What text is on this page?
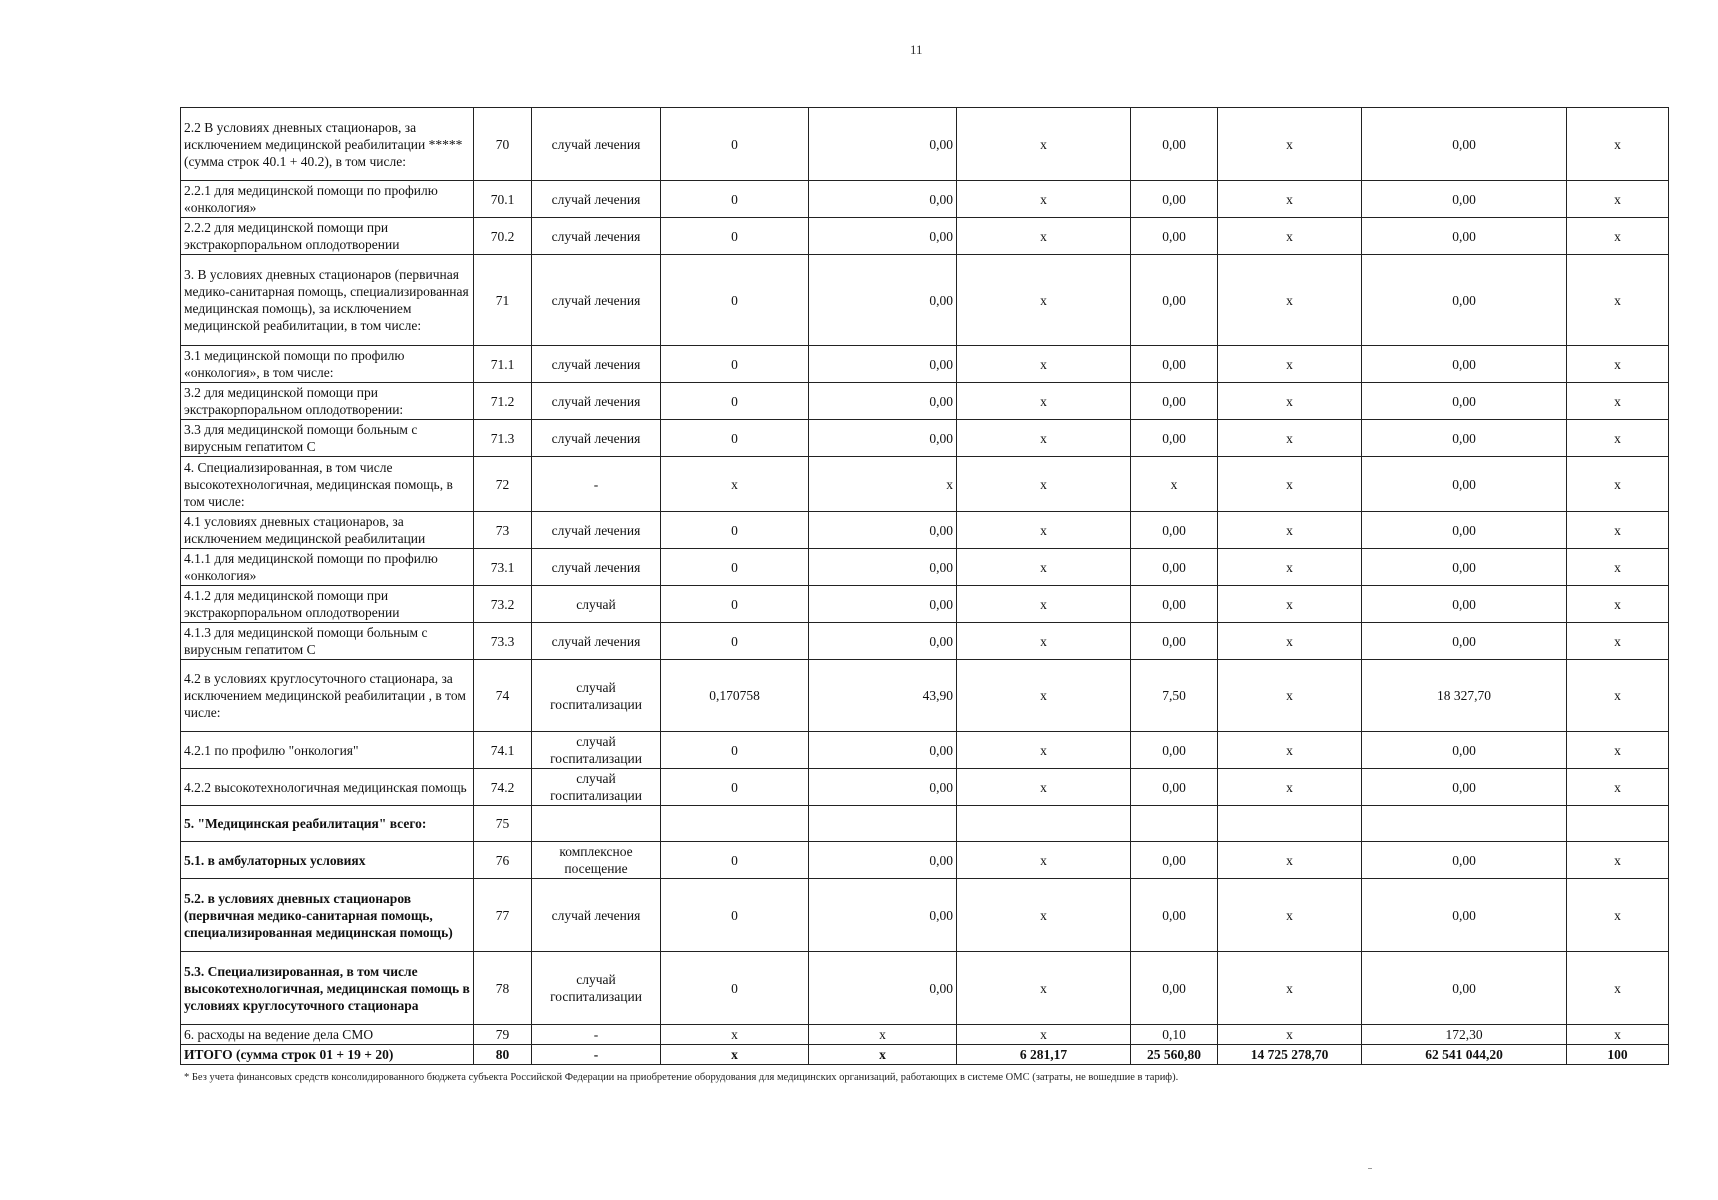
11
2.2 В условиях дневных стационаров, за исключением медицинской реабилитации ***** (сумма строк 40.1 + 40.2), в том числе:	70	случай лечения	0	0,00	x	0,00	x	0,00	x
2.2.1 для медицинской помощи по профилю «онкология»	70.1	случай лечения	0	0,00	x	0,00	x	0,00	x
2.2.2 для медицинской помощи при экстракорпоральном оплодотворении	70.2	случай лечения	0	0,00	x	0,00	x	0,00	x
3. В условиях дневных стационаров (первичная медико-санитарная помощь, специализированная медицинская помощь), за исключением медицинской реабилитации, в том числе:	71	случай лечения	0	0,00	x	0,00	x	0,00	x
3.1 медицинской помощи по профилю «онкология», в том числе:	71.1	случай лечения	0	0,00	x	0,00	x	0,00	x
3.2 для медицинской помощи при экстракорпоральном оплодотворении:	71.2	случай лечения	0	0,00	x	0,00	x	0,00	x
3.3 для медицинской помощи больным с вирусным гепатитом С	71.3	случай лечения	0	0,00	x	0,00	x	0,00	x
4. Специализированная, в том числе высокотехнологичная, медицинская помощь, в том числе:	72	-	x	x	x	x	x	0,00	x
4.1 условиях дневных стационаров, за исключением медицинской реабилитации	73	случай лечения	0	0,00	x	0,00	x	0,00	x
4.1.1 для медицинской помощи по профилю «онкология»	73.1	случай лечения	0	0,00	x	0,00	x	0,00	x
4.1.2 для медицинской помощи при экстракорпоральном оплодотворении	73.2	случай	0	0,00	x	0,00	x	0,00	x
4.1.3 для медицинской помощи больным с вирусным гепатитом С	73.3	случай лечения	0	0,00	x	0,00	x	0,00	x
4.2 в условиях круглосуточного стационара, за исключением медицинской реабилитации , в том числе:	74	случай госпитализации	0,170758	43,90	x	7,50	x	18 327,70	x
4.2.1 по профилю "онкология"	74.1	случай госпитализации	0	0,00	x	0,00	x	0,00	x
4.2.2 высокотехнологичная медицинская помощь	74.2	случай госпитализации	0	0,00	x	0,00	x	0,00	x
5. "Медицинская реабилитация" всего:	75								
5.1. в амбулаторных условиях	76	комплексное посещение	0	0,00	x	0,00	x	0,00	x
5.2. в условиях дневных стационаров (первичная медико-санитарная помощь, специализированная медицинская помощь)	77	случай лечения	0	0,00	x	0,00	x	0,00	x
5.3. Специализированная, в том числе высокотехнологичная, медицинская помощь в условиях круглосуточного стационара	78	случай госпитализации	0	0,00	x	0,00	x	0,00	x
6. расходы на ведение дела СМО	79	-	x	x	x	0,10	x	172,30	x
ИТОГО (сумма строк 01 + 19 + 20)	80	-	x	x	6 281,17	25 560,80	14 725 278,70	62 541 044,20	100
* Без учета финансовых средств консолидированного бюджета субъекта Российской Федерации на приобретение оборудования для медицинских организаций, работающих в системе ОМС (затраты, не вошедшие в тариф).
